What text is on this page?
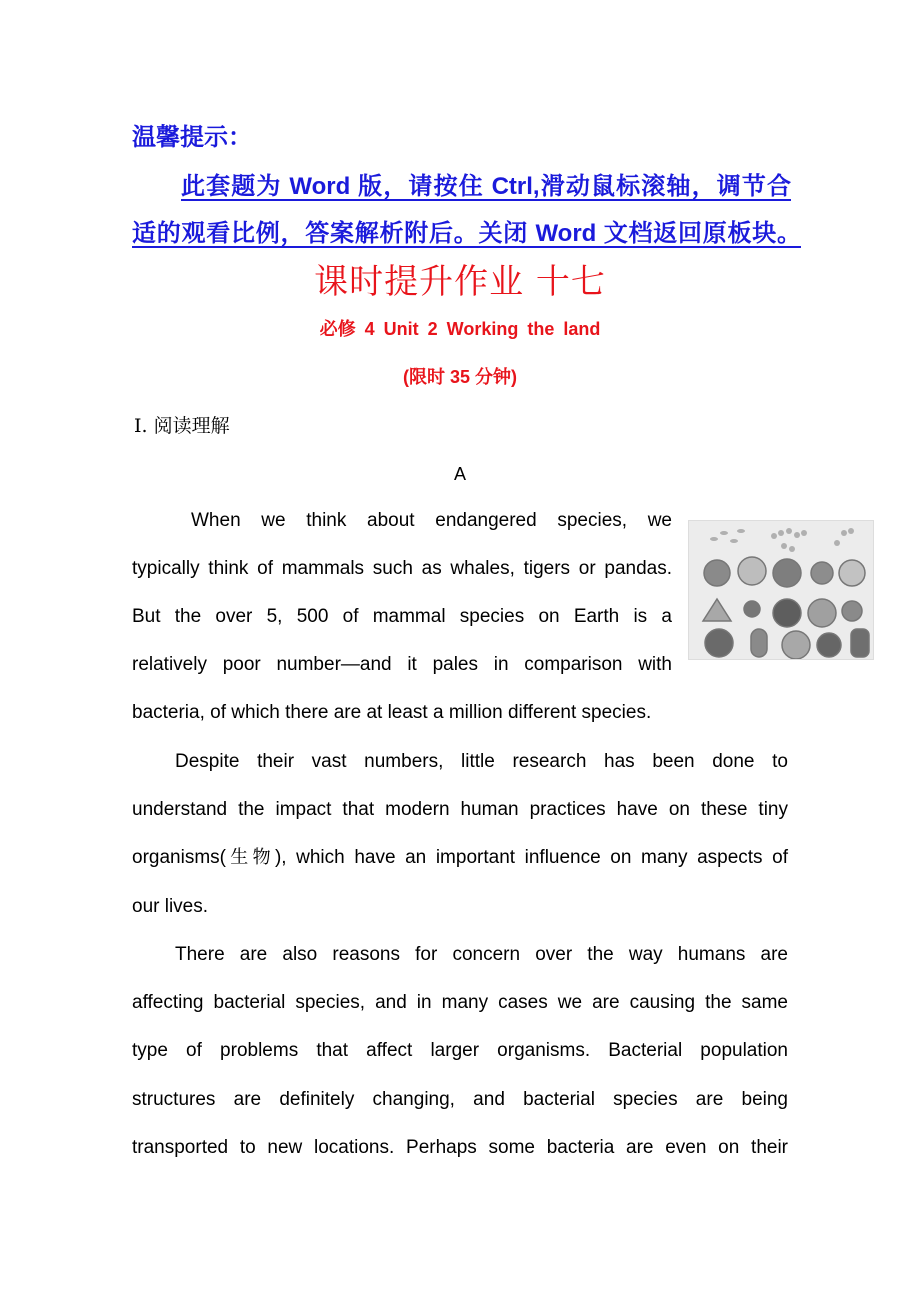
温馨提示：
此套题为 Word 版，请按住 Ctrl,滑动鼠标滚轴，调节合
适的观看比例，答案解析附后。关闭 Word 文档返回原板块。
课时提升作业 十七
必修 4 Unit 2 Working the land
(限时 35 分钟)
Ⅰ. 阅读理解
A
When we think about endangered species, we
typically think of mammals such as whales, tigers or pandas.
But the over 5, 500 of mammal species on Earth is a
relatively poor number—and it pales in comparison with
bacteria, of which there are at least a million different species.
Despite their vast numbers, little research has been done to
understand the impact that modern human practices have on these tiny
organisms(生物), which have an important influence on many aspects of
our lives.
There are also reasons for concern over the way humans are
affecting bacterial species, and in many cases we are causing the same
type of problems that affect larger organisms. Bacterial population
structures are definitely changing, and bacterial species are being
transported to new locations. Perhaps some bacteria are even on their
